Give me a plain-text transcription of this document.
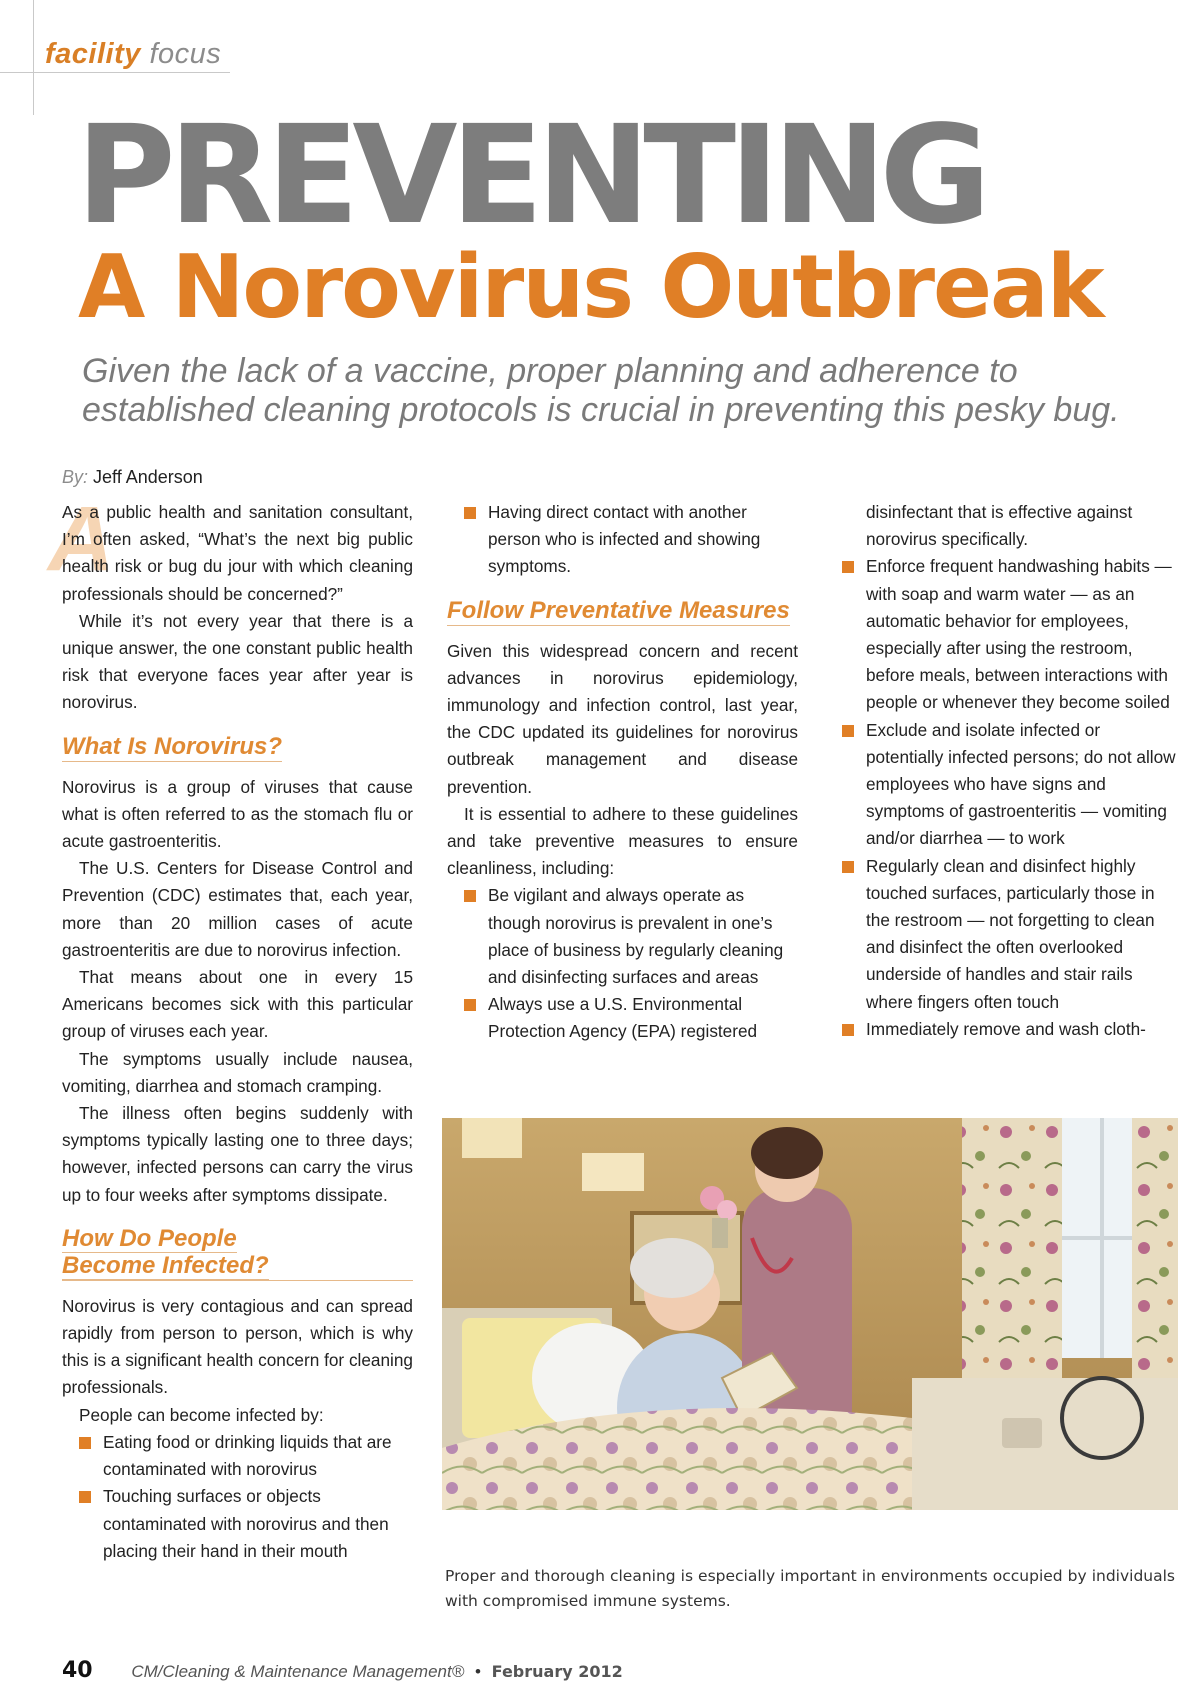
facility focus
PREVENTING
A Norovirus Outbreak
Given the lack of a vaccine, proper planning and adherence to established cleaning protocols is crucial in preventing this pesky bug.
By: Jeff Anderson
A

As a public health and sanitation consultant, I’m often asked, “What’s the next big public health risk or bug du jour with which cleaning professionals should be concerned?”

While it’s not every year that there is a unique answer, the one constant public health risk that everyone faces year after year is norovirus.

What Is Norovirus?

Norovirus is a group of viruses that cause what is often referred to as the stomach flu or acute gastroenteritis.

The U.S. Centers for Disease Control and Prevention (CDC) estimates that, each year, more than 20 million cases of acute gastroenteritis are due to norovirus infection.

That means about one in every 15 Americans becomes sick with this particular group of viruses each year.

The symptoms usually include nausea, vomiting, diarrhea and stomach cramping.

The illness often begins suddenly with symptoms typically lasting one to three days; however, infected persons can carry the virus up to four weeks after symptoms dissipate.

How Do People
Become Infected?

Norovirus is very contagious and can spread rapidly from person to person, which is why this is a significant health concern for cleaning professionals.

People can become infected by:

Eating food or drinking liquids that are contaminated with norovirus
Touching surfaces or objects contaminated with norovirus and then placing their hand in their mouth
Having direct contact with another person who is infected and showing symptoms.

Follow Preventative Measures

Given this widespread concern and recent advances in norovirus epidemiology, immunology and infection control, last year, the CDC updated its guidelines for norovirus outbreak management and disease prevention.

It is essential to adhere to these guidelines and take preventive measures to ensure cleanliness, including:

Be vigilant and always operate as though norovirus is prevalent in one’s place of business by regularly cleaning and disinfecting surfaces and areas
Always use a U.S. Environmental Protection Agency (EPA) registered
disinfectant that is effective against norovirus specifically.
Enforce frequent handwashing habits — with soap and warm water — as an automatic behavior for employees, especially after using the restroom, before meals, between interactions with people or whenever they become soiled
Exclude and isolate infected or potentially infected persons; do not allow employees who have signs and symptoms of gastroenteritis — vomiting and/or diarrhea — to work
Regularly clean and disinfect highly touched surfaces, particularly those in the restroom — not forgetting to clean and disinfect the often overlooked underside of handles and stair rails where fingers often touch
Immediately remove and wash cloth-
Proper and thorough cleaning is especially important in environments occupied by individuals with compromised immune systems.
40 CM/Cleaning & Maintenance Management® • February 2012
